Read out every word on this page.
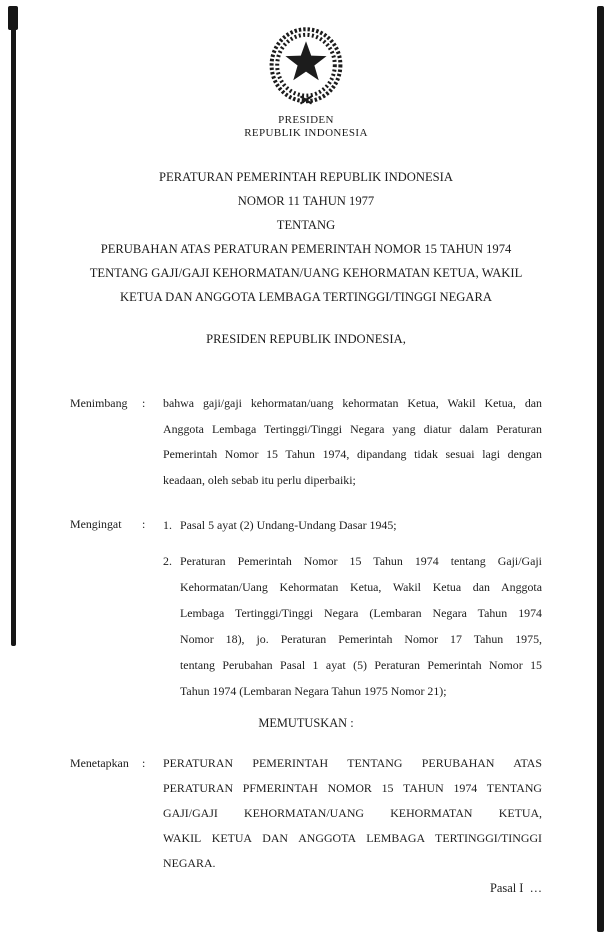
PRESIDEN
REPUBLIK INDONESIA
PERATURAN PEMERINTAH REPUBLIK INDONESIA
NOMOR 11 TAHUN 1977
TENTANG
PERUBAHAN ATAS PERATURAN PEMERINTAH NOMOR 15 TAHUN 1974
TENTANG GAJI/GAJI KEHORMATAN/UANG KEHORMATAN KETUA, WAKIL
KETUA DAN ANGGOTA LEMBAGA TERTINGGI/TINGGI NEGARA
PRESIDEN REPUBLIK INDONESIA,
Menimbang	:	bahwa gaji/gaji kehormatan/uang kehormatan Ketua, Wakil Ketua, dan
Anggota Lembaga Tertinggi/Tinggi Negara yang diatur dalam Peraturan
Pemerintah Nomor 15 Tahun 1974, dipandang tidak sesuai lagi dengan
keadaan, oleh sebab itu perlu diperbaiki;
Mengingat	:	1. Pasal 5 ayat (2) Undang-Undang Dasar 1945;
2. Peraturan Pemerintah Nomor 15 Tahun 1974 tentang Gaji/Gaji
Kehormatan/Uang Kehormatan Ketua, Wakil Ketua dan Anggota
Lembaga Tertinggi/Tinggi Negara (Lembaran Negara Tahun 1974
Nomor 18), jo. Peraturan Pemerintah Nomor 17 Tahun 1975,
tentang Perubahan Pasal 1 ayat (5) Peraturan Pemerintah Nomor 15
Tahun 1974 (Lembaran Negara Tahun 1975 Nomor 21);
MEMUTUSKAN :
Menetapkan	:	PERATURAN PEMERINTAH TENTANG PERUBAHAN ATAS
PERATURAN PFMERINTAH NOMOR 15 TAHUN 1974 TENTANG
GAJI/GAJI KEHORMATAN/UANG KEHORMATAN KETUA,
WAKIL KETUA DAN ANGGOTA LEMBAGA TERTINGGI/TINGGI
NEGARA.
Pasal I  …
